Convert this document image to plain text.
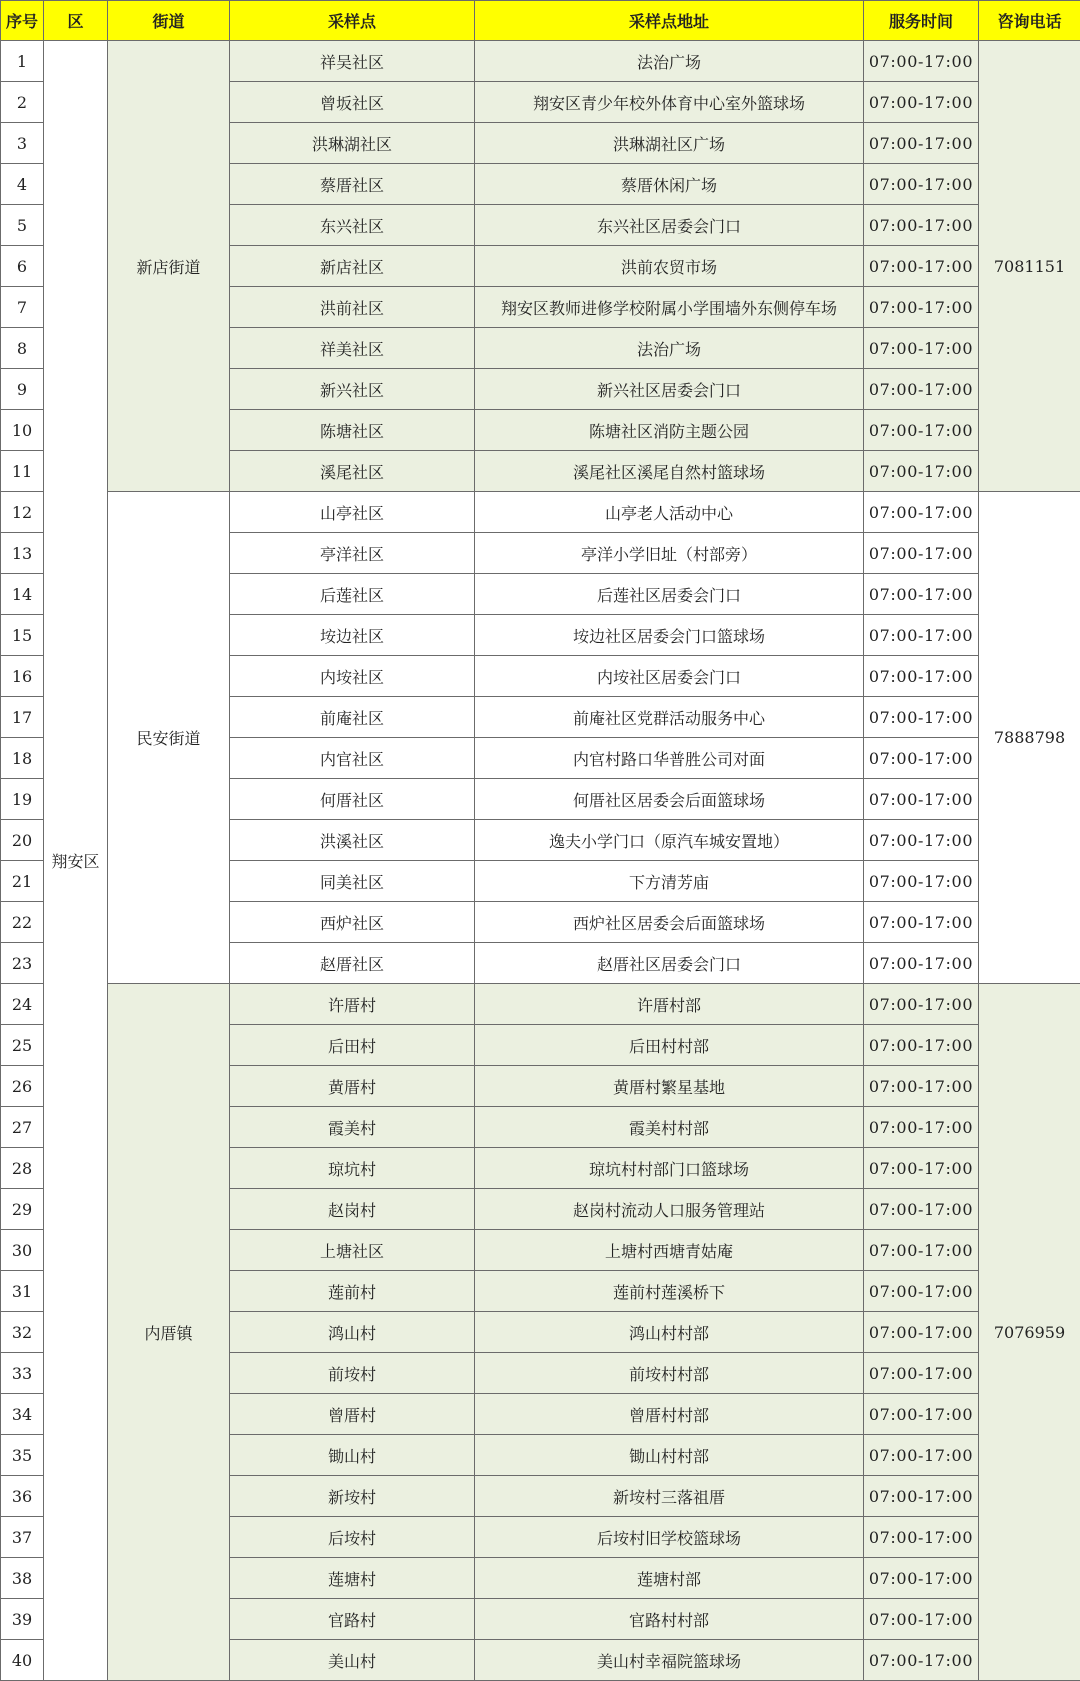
序号	区	街道	采样点	采样点地址	服务时间	咨询电话
1	翔安区	新店街道	祥吴社区	法治广场	07:00-17:00	7081151
2			曾坂社区	翔安区青少年校外体育中心室外篮球场	07:00-17:00	
3			洪琳湖社区	洪琳湖社区广场	07:00-17:00	
4			蔡厝社区	蔡厝休闲广场	07:00-17:00	
5			东兴社区	东兴社区居委会门口	07:00-17:00	
6			新店社区	洪前农贸市场	07:00-17:00	
7			洪前社区	翔安区教师进修学校附属小学围墙外东侧停车场	07:00-17:00	
8			祥美社区	法治广场	07:00-17:00	
9			新兴社区	新兴社区居委会门口	07:00-17:00	
10			陈塘社区	陈塘社区消防主题公园	07:00-17:00	
11			溪尾社区	溪尾社区溪尾自然村篮球场	07:00-17:00	
12		民安街道	山亭社区	山亭老人活动中心	07:00-17:00	7888798
13			亭洋社区	亭洋小学旧址（村部旁）	07:00-17:00	
14			后莲社区	后莲社区居委会门口	07:00-17:00	
15			垵边社区	垵边社区居委会门口篮球场	07:00-17:00	
16			内垵社区	内垵社区居委会门口	07:00-17:00	
17			前庵社区	前庵社区党群活动服务中心	07:00-17:00	
18			内官社区	内官村路口华普胜公司对面	07:00-17:00	
19			何厝社区	何厝社区居委会后面篮球场	07:00-17:00	
20			洪溪社区	逸夫小学门口（原汽车城安置地）	07:00-17:00	
21			同美社区	下方清芳庙	07:00-17:00	
22			西炉社区	西炉社区居委会后面篮球场	07:00-17:00	
23			赵厝社区	赵厝社区居委会门口	07:00-17:00	
24		内厝镇	许厝村	许厝村部	07:00-17:00	7076959
25			后田村	后田村村部	07:00-17:00	
26			黄厝村	黄厝村繁星基地	07:00-17:00	
27			霞美村	霞美村村部	07:00-17:00	
28			琼坑村	琼坑村村部门口篮球场	07:00-17:00	
29			赵岗村	赵岗村流动人口服务管理站	07:00-17:00	
30			上塘社区	上塘村西塘青姑庵	07:00-17:00	
31			莲前村	莲前村莲溪桥下	07:00-17:00	
32			鸿山村	鸿山村村部	07:00-17:00	
33			前垵村	前垵村村部	07:00-17:00	
34			曾厝村	曾厝村村部	07:00-17:00	
35			锄山村	锄山村村部	07:00-17:00	
36			新垵村	新垵村三落祖厝	07:00-17:00	
37			后垵村	后垵村旧学校篮球场	07:00-17:00	
38			莲塘村	莲塘村部	07:00-17:00	
39			官路村	官路村村部	07:00-17:00	
40			美山村	美山村幸福院篮球场	07:00-17:00	
